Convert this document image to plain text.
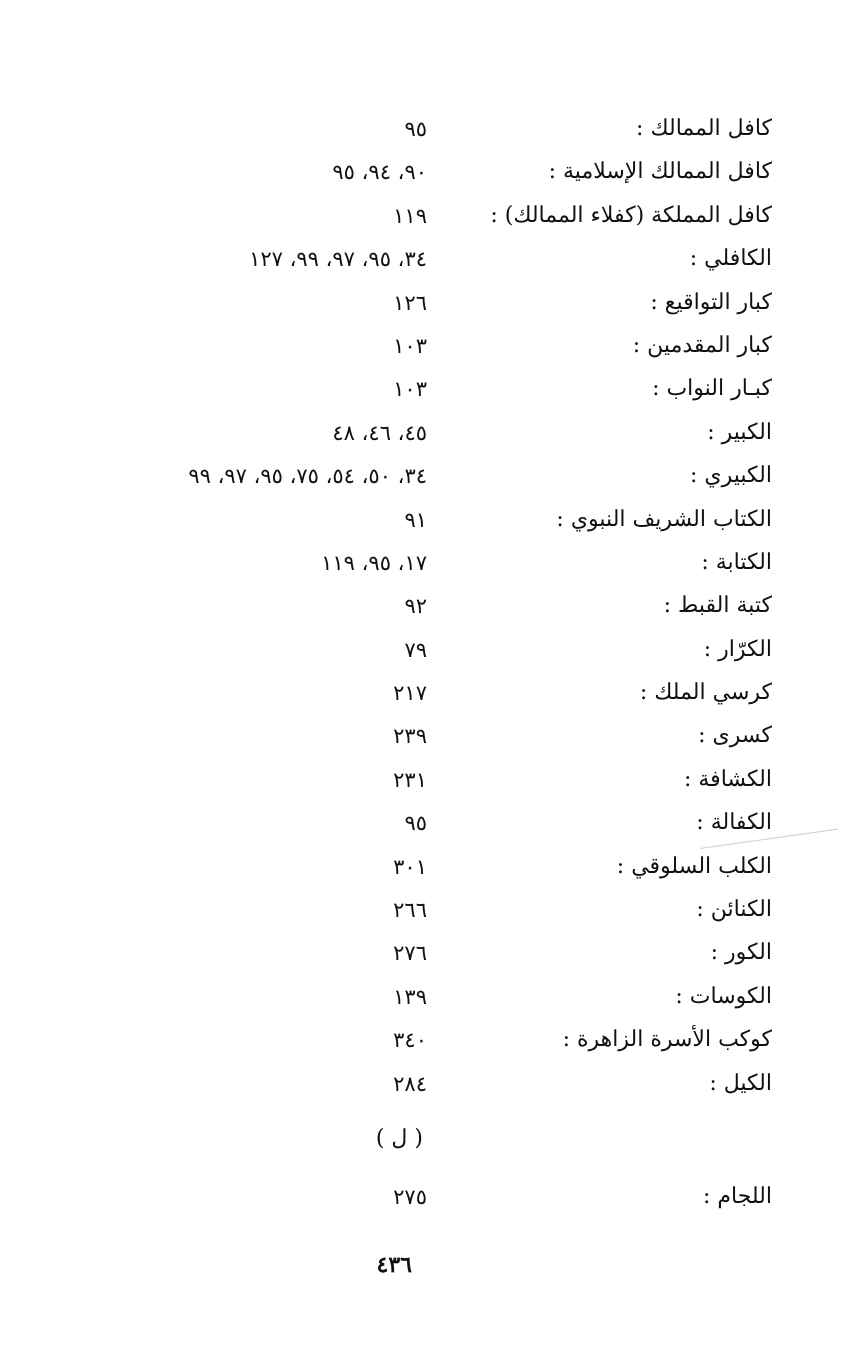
كافل الممالك :
٩٥
كافل الممالك الإسلامية :
٩٠، ٩٤، ٩٥
كافل المملكة (كفلاء الممالك) :
١١٩
الكافلي :
٣٤، ٩٥، ٩٧، ٩٩، ١٢٧
كبار التواقيع :
١٢٦
كبار المقدمين :
١٠٣
كبـار النواب :
١٠٣
الكبير :
٤٥، ٤٦، ٤٨
الكبيري :
٣٤، ٥٠، ٥٤، ٧٥، ٩٥، ٩٧، ٩٩
الكتاب الشريف النبوي :
٩١
الكتابة :
١٧، ٩٥، ١١٩
كتبة القبط :
٩٢
الكرّار :
٧٩
كرسي الملك :
٢١٧
كسرى :
٢٣٩
الكشافة :
٢٣١
الكفالة :
٩٥
الكلب السلوقي :
٣٠١
الكنائن :
٢٦٦
الكور :
٢٧٦
الكوسات :
١٣٩
كوكب الأسرة الزاهرة :
٣٤٠
الكيل :
٢٨٤
( ل )
اللجام :
٢٧٥
٤٣٦
